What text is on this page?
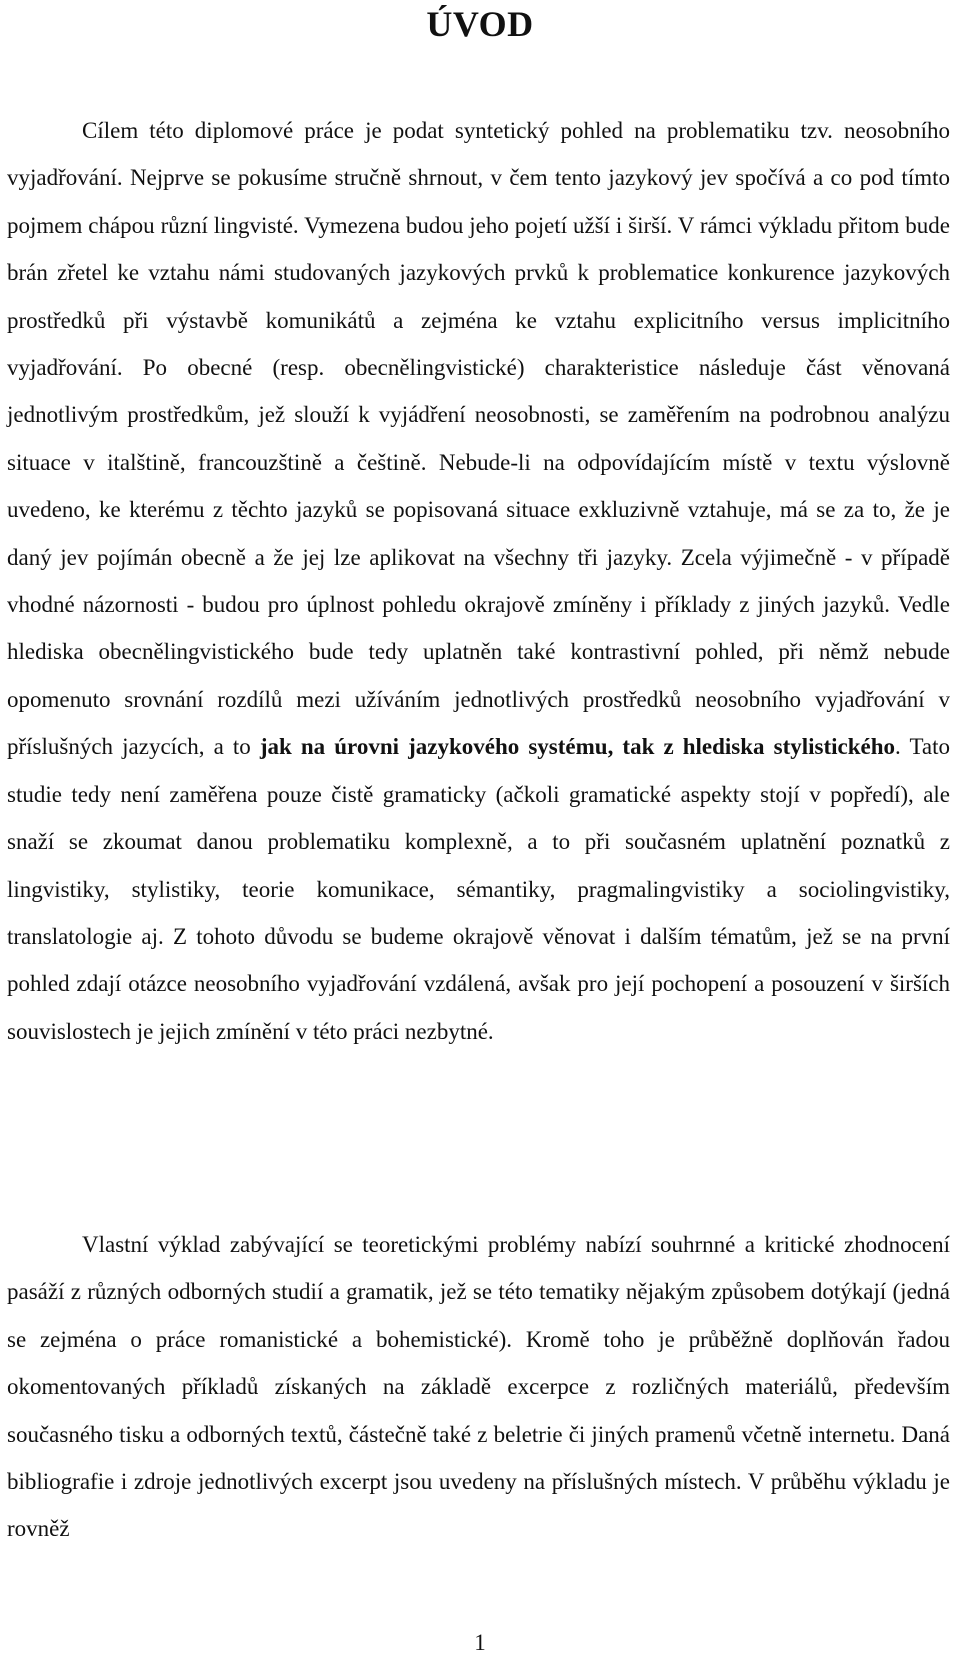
ÚVOD

Cílem této diplomové práce je podat syntetický pohled na problematiku tzv. neosobního vyjadřování. Nejprve se pokusíme stručně shrnout, v čem tento jazykový jev spočívá a co pod tímto pojmem chápou různí lingvisté. Vymezena budou jeho pojetí užší i širší. V rámci výkladu přitom bude brán zřetel ke vztahu námi studovaných jazykových prvků k problematice konkurence jazykových prostředků při výstavbě komunikátů a zejména ke vztahu explicitního versus implicitního vyjadřování. Po obecné (resp. obecnělingvistické) charakteristice následuje část věnovaná jednotlivým prostředkům, jež slouží k vyjádření neosobnosti, se zaměřením na podrobnou analýzu situace v italštině, francouzštině a češtině. Nebude-li na odpovídajícím místě v textu výslovně uvedeno, ke kterému z těchto jazyků se popisovaná situace exkluzivně vztahuje, má se za to, že je daný jev pojímán obecně a že jej lze aplikovat na všechny tři jazyky. Zcela výjimečně - v případě vhodné názornosti - budou pro úplnost pohledu okrajově zmíněny i příklady z jiných jazyků. Vedle hlediska obecnělingvistického bude tedy uplatněn také kontrastivní pohled, při němž nebude opomenuto srovnání rozdílů mezi užíváním jednotlivých prostředků neosobního vyjadřování v příslušných jazycích, a to jak na úrovni jazykového systému, tak z hlediska stylistického. Tato studie tedy není zaměřena pouze čistě gramaticky (ačkoli gramatické aspekty stojí v popředí), ale snaží se zkoumat danou problematiku komplexně, a to při současném uplatnění poznatků z lingvistiky, stylistiky, teorie komunikace, sémantiky, pragmalingvistiky a sociolingvistiky, translatologie aj. Z tohoto důvodu se budeme okrajově věnovat i dalším tématům, jež se na první pohled zdají otázce neosobního vyjadřování vzdálená, avšak pro její pochopení a posouzení v širších souvislostech je jejich zmínění v této práci nezbytné.

Vlastní výklad zabývající se teoretickými problémy nabízí souhrnné a kritické zhodnocení pasáží z různých odborných studií a gramatik, jež se této tematiky nějakým způsobem dotýkají (jedná se zejména o práce romanistické a bohemistické). Kromě toho je průběžně doplňován řadou okomentovaných příkladů získaných na základě excerpce z rozličných materiálů, především současného tisku a odborných textů, částečně také z beletrie či jiných pramenů včetně internetu. Daná bibliografie i zdroje jednotlivých excerpt jsou uvedeny na příslušných místech. V průběhu výkladu je rovněž

1
